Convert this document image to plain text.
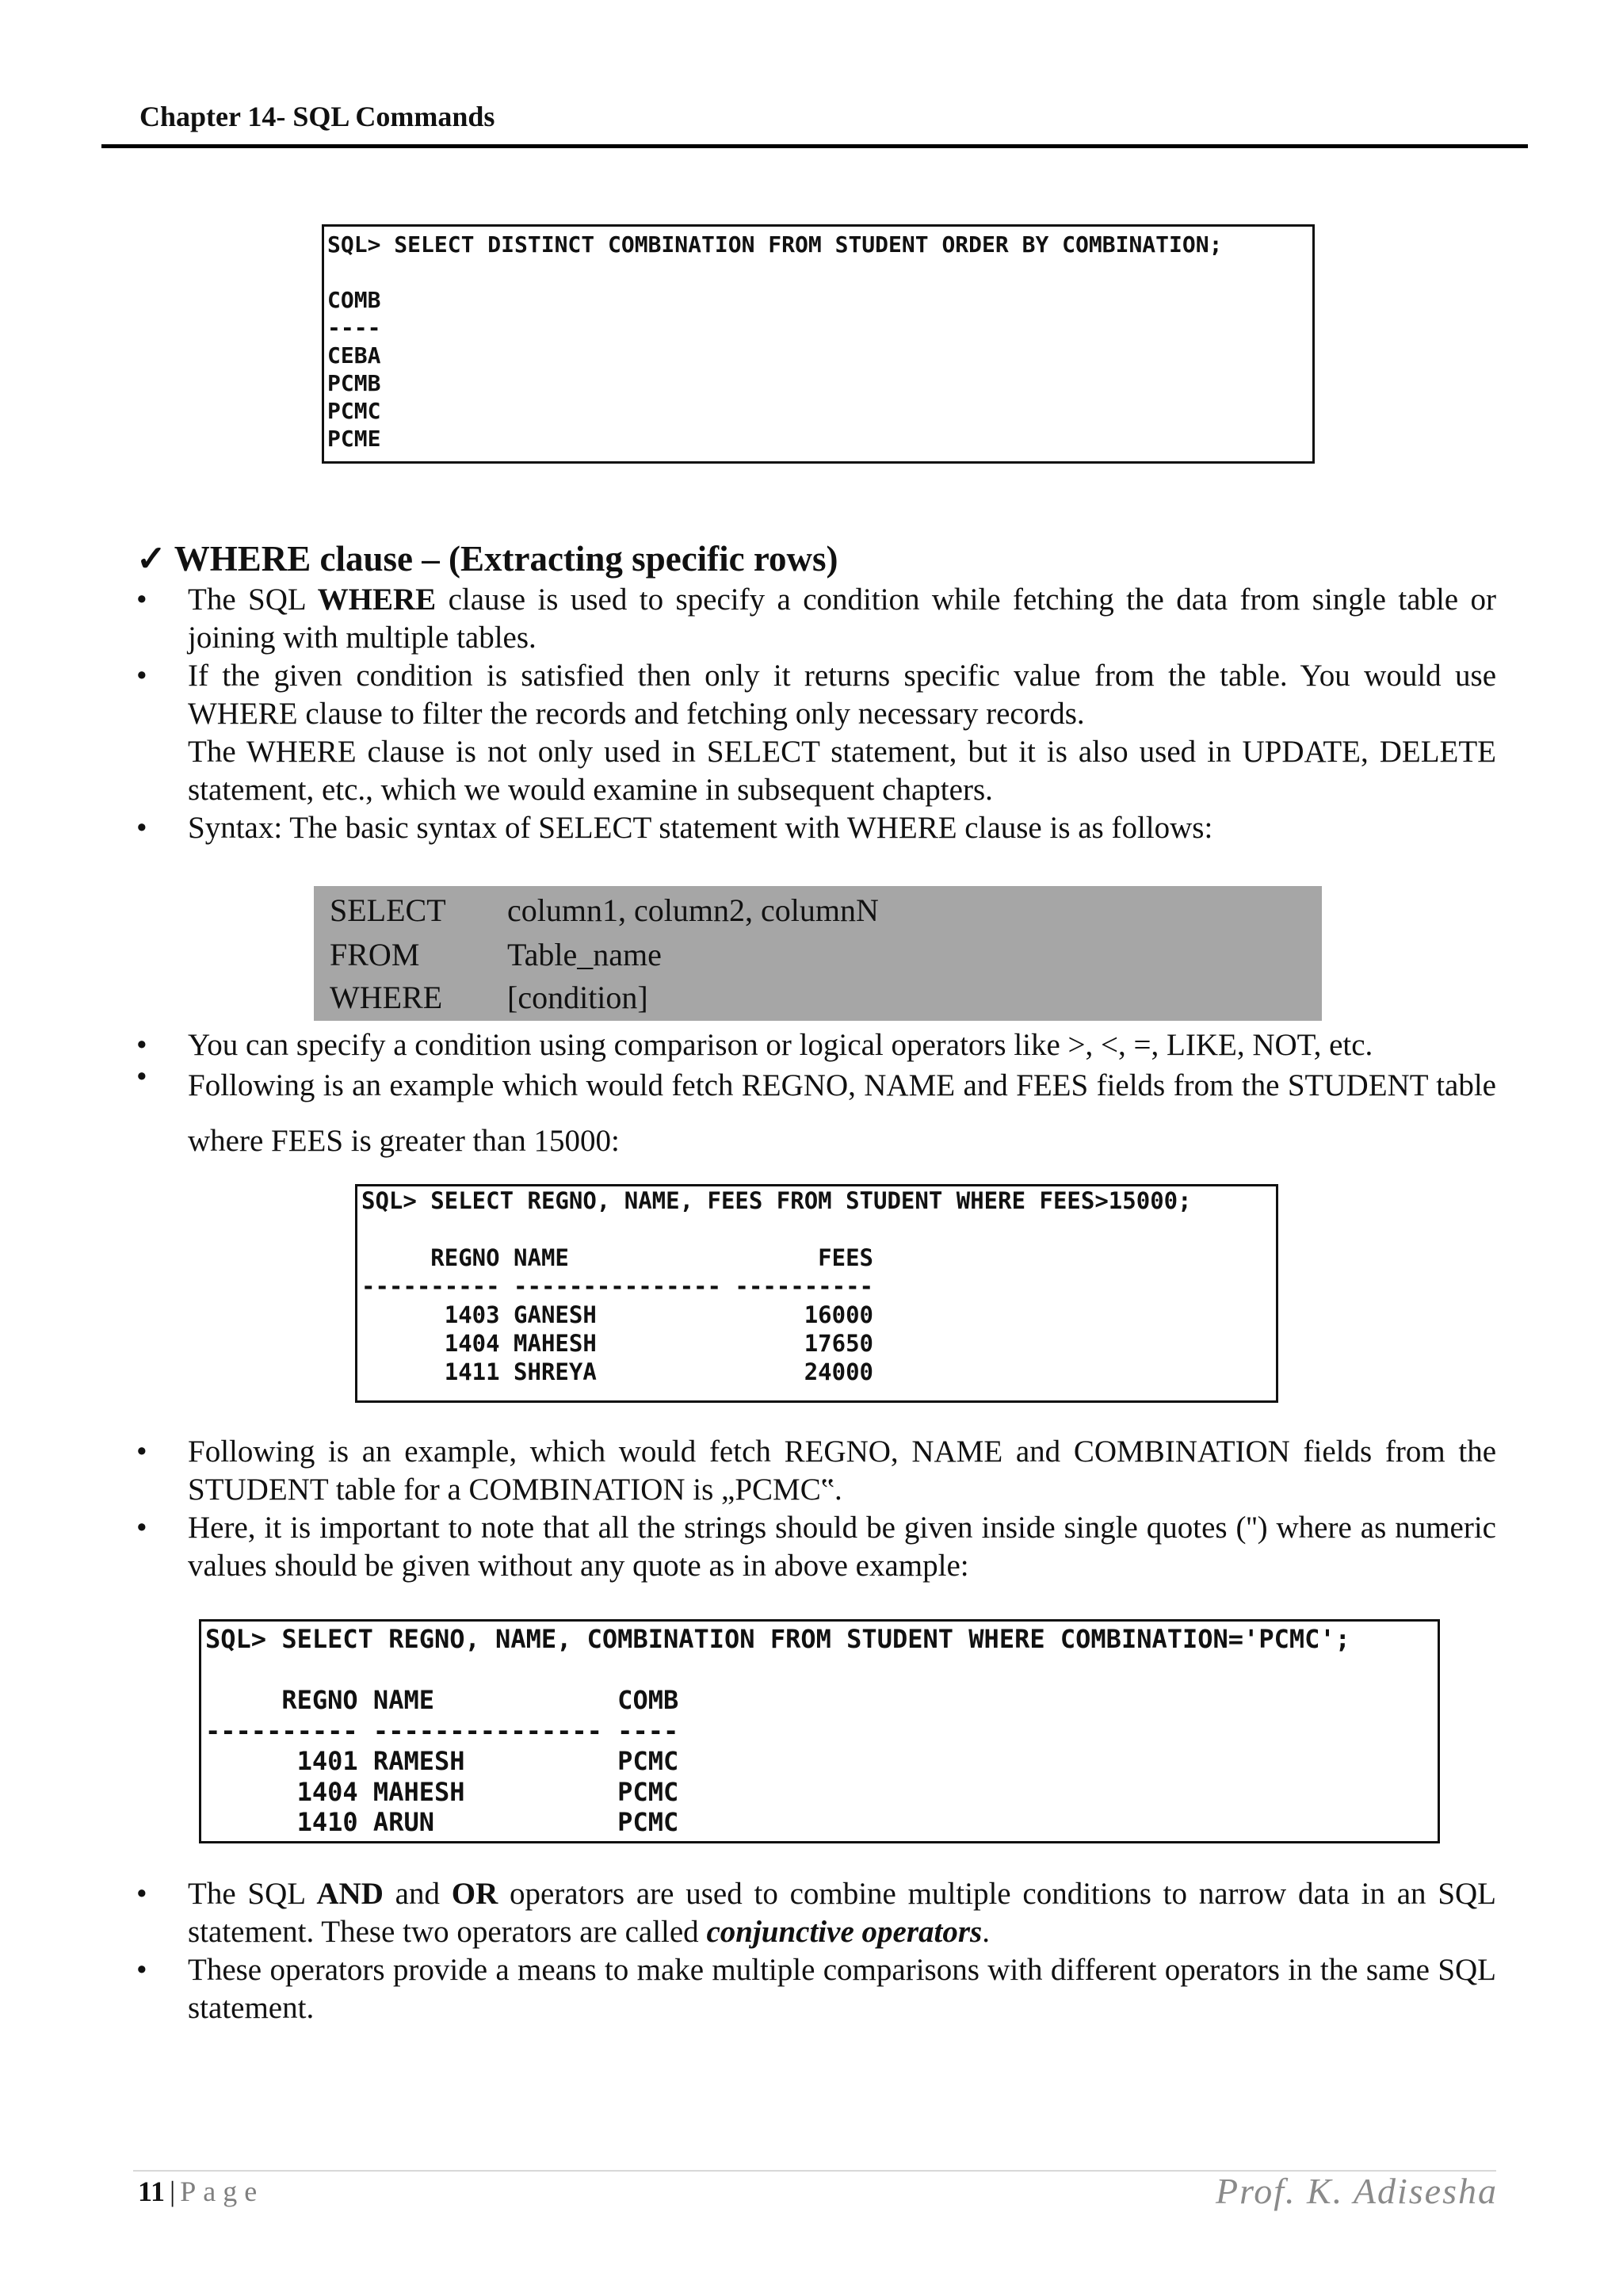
Chapter 14- SQL Commands
SQL> SELECT DISTINCT COMBINATION FROM STUDENT ORDER BY COMBINATION;

COMB
----
CEBA
PCMB
PCMC
PCME
✓ WHERE clause – (Extracting specific rows)
• The SQL WHERE clause is used to specify a condition while fetching the data from single table or joining with multiple tables.

• If the given condition is satisfied then only it returns specific value from the table. You would use WHERE clause to filter the records and fetching only necessary records.

The WHERE clause is not only used in SELECT statement, but it is also used in UPDATE, DELETE statement, etc., which we would examine in subsequent chapters.

• Syntax: The basic syntax of SELECT statement with WHERE clause is as follows:

SELECT column1, column2, columnN
FROM	Table_name
WHERE [condition]
• You can specify a condition using comparison or logical operators like >, <, =, LIKE, NOT, etc.

• Following is an example which would fetch REGNO, NAME and FEES fields from the STUDENT table where FEES is greater than 15000:

SQL> SELECT REGNO, NAME, FEES FROM STUDENT WHERE FEES>15000;

REGNO NAME                  FEES
---------- --------------- ----------
1403 GANESH               16000
1404 MAHESH               17650
1411 SHREYA               24000
• Following is an example, which would fetch REGNO, NAME and COMBINATION fields from the STUDENT table for a COMBINATION is „PCMC‟.

• Here, it is important to note that all the strings should be given inside single quotes ('') where as numeric values should be given without any quote as in above example:

SQL> SELECT REGNO, NAME, COMBINATION FROM STUDENT WHERE COMBINATION='PCMC';

REGNO NAME            COMB
---------- --------------- ----
1401 RAMESH          PCMC
1404 MAHESH          PCMC
1410 ARUN            PCMC
• The SQL AND and OR operators are used to combine multiple conditions to narrow data in an SQL statement. These two operators are called conjunctive operators.

• These operators provide a means to make multiple comparisons with different operators in the same SQL statement.

11 | Page	Prof. K. Adisesha
